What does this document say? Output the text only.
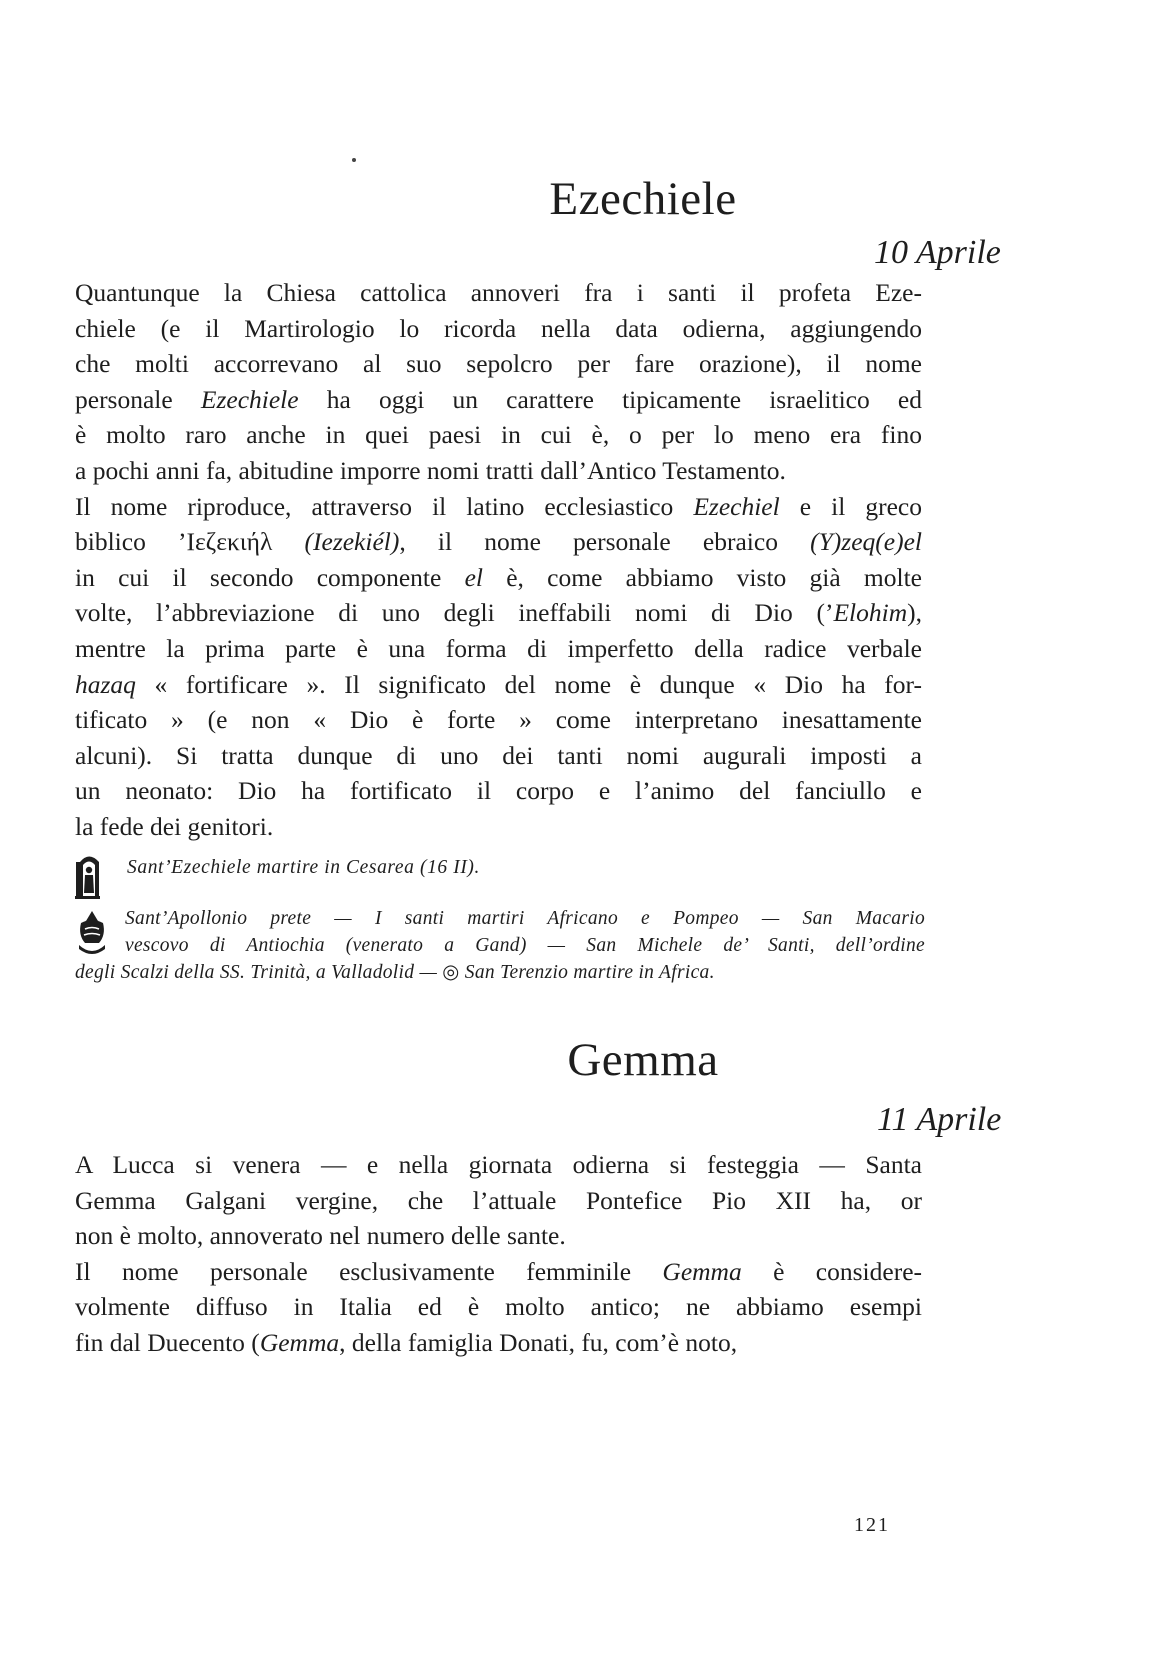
Ezechiele
10 Aprile
Quantunque la Chiesa cattolica annoveri fra i santi il profeta Eze-
chiele (e il Martirologio lo ricorda nella data odierna, aggiungendo
che molti accorrevano al suo sepolcro per fare orazione), il nome
personale Ezechiele ha oggi un carattere tipicamente israelitico ed
è molto raro anche in quei paesi in cui è, o per lo meno era fino
a pochi anni fa, abitudine imporre nomi tratti dall’Antico Testamento.
Il nome riproduce, attraverso il latino ecclesiastico Ezechiel e il greco
biblico ’Ιεζεκιήλ (Iezekiél), il nome personale ebraico (Y)zeq(e)el
in cui il secondo componente el è, come abbiamo visto già molte
volte, l’abbreviazione di uno degli ineffabili nomi di Dio (’Elohim),
mentre la prima parte è una forma di imperfetto della radice verbale
hazaq « fortificare ». Il significato del nome è dunque « Dio ha for-
tificato » (e non « Dio è forte » come interpretano inesattamente
alcuni). Si tratta dunque di uno dei tanti nomi augurali imposti a
un neonato: Dio ha fortificato il corpo e l’animo del fanciullo e
la fede dei genitori.
Sant’Ezechiele martire in Cesarea (16 II).
Sant’Apollonio prete — I santi martiri Africano e Pompeo — San Macario
vescovo di Antiochia (venerato a Gand) — San Michele de’ Santi, dell’ordine
degli Scalzi della SS. Trinità, a Valladolid — ◎ San Terenzio martire in Africa.
Gemma
11 Aprile
A Lucca si venera — e nella giornata odierna si festeggia — Santa
Gemma Galgani vergine, che l’attuale Pontefice Pio XII ha, or
non è molto, annoverato nel numero delle sante.
Il nome personale esclusivamente femminile Gemma è considere-
volmente diffuso in Italia ed è molto antico; ne abbiamo esempi
fin dal Duecento (Gemma, della famiglia Donati, fu, com’è noto,
121
